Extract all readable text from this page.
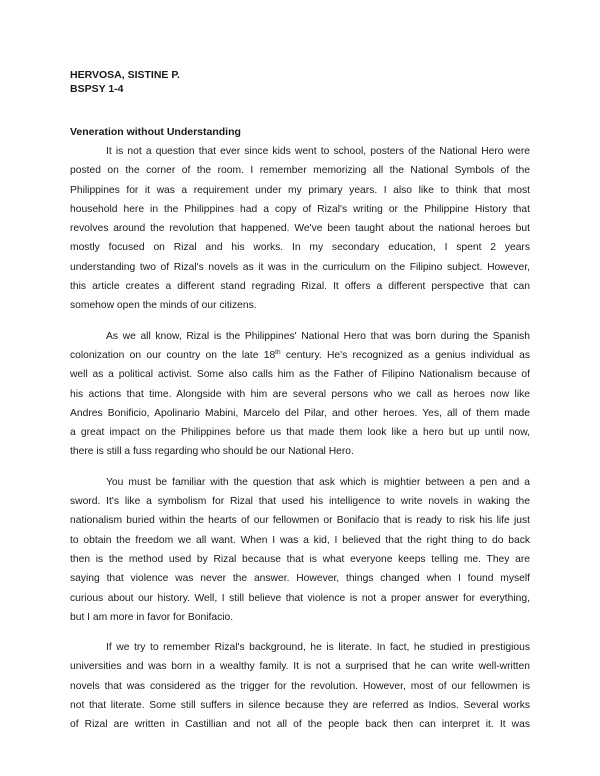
HERVOSA, SISTINE P.

BSPSY 1-4

Veneration without Understanding

It is not a question that ever since kids went to school, posters of the National Hero were
posted on the corner of the room. I remember memorizing all the National Symbols of the
Philippines for it was a requirement under my primary years. I also like to think that most
household here in the Philippines had a copy of Rizal's writing or the Philippine History that
revolves around the revolution that happened. We've been taught about the national heroes but
mostly focused on Rizal and his works. In my secondary education, I spent 2 years
understanding two of Rizal's novels as it was in the curriculum on the Filipino subject. However,
this article creates a different stand regrading Rizal. It offers a different perspective that can
somehow open the minds of our citizens.
As we all know, Rizal is the Philippines' National Hero that was born during the Spanish
colonization on our country on the late 18th century. He's recognized as a genius individual as
well as a political activist. Some also calls him as the Father of Filipino Nationalism because of
his actions that time. Alongside with him are several persons who we call as heroes now like
Andres Bonificio, Apolinario Mabini, Marcelo del Pilar, and other heroes. Yes, all of them made
a great impact on the Philippines before us that made them look like a hero but up until now,
there is still a fuss regarding who should be our National Hero.
You must be familiar with the question that ask which is mightier between a pen and a
sword. It's like a symbolism for Rizal that used his intelligence to write novels in waking the
nationalism buried within the hearts of our fellowmen or Bonifacio that is ready to risk his life just
to obtain the freedom we all want. When I was a kid, I believed that the right thing to do back
then is the method used by Rizal because that is what everyone keeps telling me. They are
saying that violence was never the answer. However, things changed when I found myself
curious about our history. Well, I still believe that violence is not a proper answer for everything,
but I am more in favor for Bonifacio.
If we try to remember Rizal's background, he is literate. In fact, he studied in prestigious
universities and was born in a wealthy family. It is not a surprised that he can write well-written
novels that was considered as the trigger for the revolution. However, most of our fellowmen is
not that literate. Some still suffers in silence because they are referred as Indios. Several works
of Rizal are written in Castillian and not all of the people back then can interpret it. It was
